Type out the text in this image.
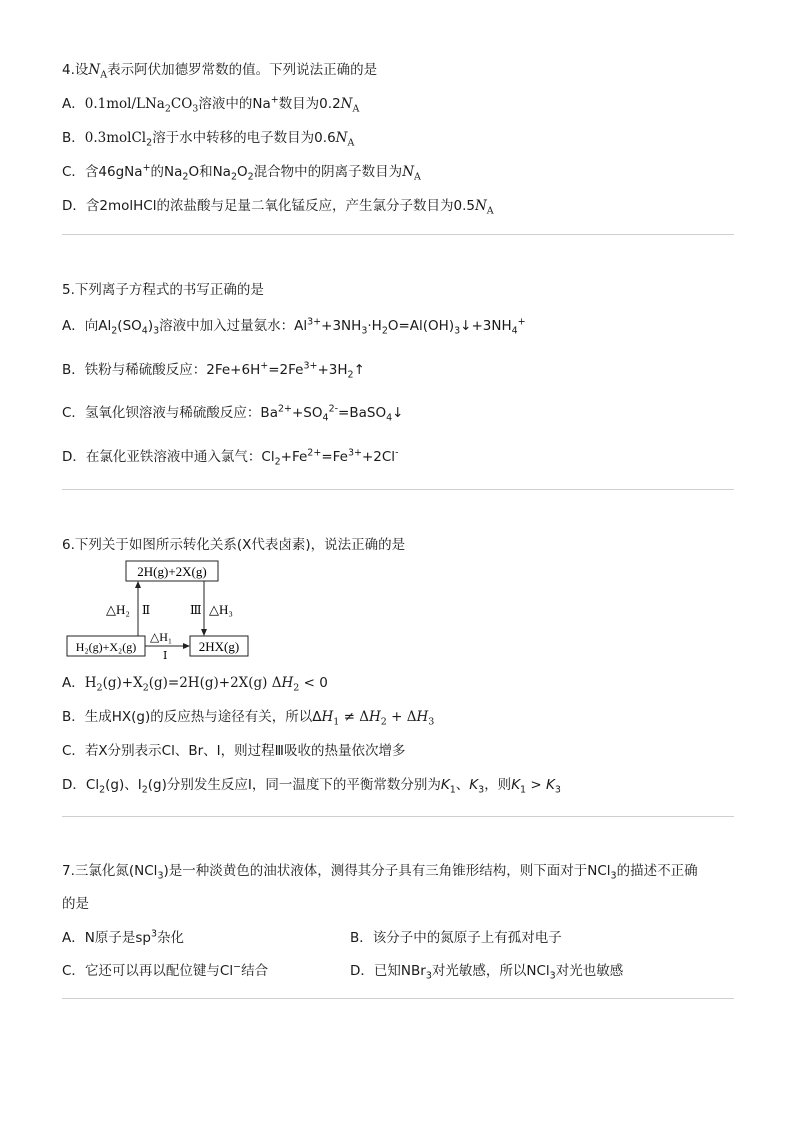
4.设$N_A$表示阿伏加德罗常数的值。下列说法正确的是
A．$0.1mol/LNa_2CO_3$溶液中的Na+数目为$0.2N_A$
B．0.3molCl$_2$溶于水中转移的电子数目为$0.6N_A$
C．含46gNa+的$Na_2O$和$Na_2O_2$混合物中的阴离子数目为$N_A$
D．含2molHCl的浓盐酸与足量二氧化锰反应，产生氯分子数目为$0.5N_A$
5.下列离子方程式的书写正确的是
A．向$Al_2(SO_4)_3$溶液中加入过量氨水：$Al^{3+}+3NH_3\cdot H_2O=Al(OH)_3↓+3NH_4^+$
B．铁粉与稀硫酸反应：$2Fe+6H^+=2Fe^{3+}+3H_2↑$
C．氢氧化钡溶液与稀硫酸反应：$Ba^{2+}+SO_4^{2-}=BaSO_4↓$
D．在氯化亚铁溶液中通入氯气：$Cl_2+Fe^{2+}=Fe^{3+}+2Cl^-$
6.下列关于如图所示转化关系(X代表卤素)，说法正确的是
2H(g)+2X(g)
H₂(g)+X₂(g)	2HX(g)
△H₂ Ⅱ	Ⅲ △H₃
△H₁
Ⅰ
A．$H_2(g)+X_2(g)=2H(g)+2X(g) \Delta H_2 < 0$
B．生成HX(g)的反应热与途径有关，所以$\Delta H_1 \ne \Delta H_2 + \Delta H_3$
C．若X分别表示Cl、Br、I，则过程Ⅲ吸收的热量依次增多
D．$Cl_2(g)$、$I_2(g)$分别发生反应Ⅰ，同一温度下的平衡常数分别为$K_1$、$K_3$，则$K_1 > K_3$
7.三氯化氮(NCl$_3$)是一种淡黄色的油状液体，测得其分子具有三角锥形结构，则下面对于NCl$_3$的描述不正确
的是
A．N原子是$sp^3$杂化	B．该分子中的氮原子上有孤对电子
C．它还可以再以配位键与Cl−结合	D．已知NBr$_3$对光敏感，所以NCl$_3$对光也敏感
